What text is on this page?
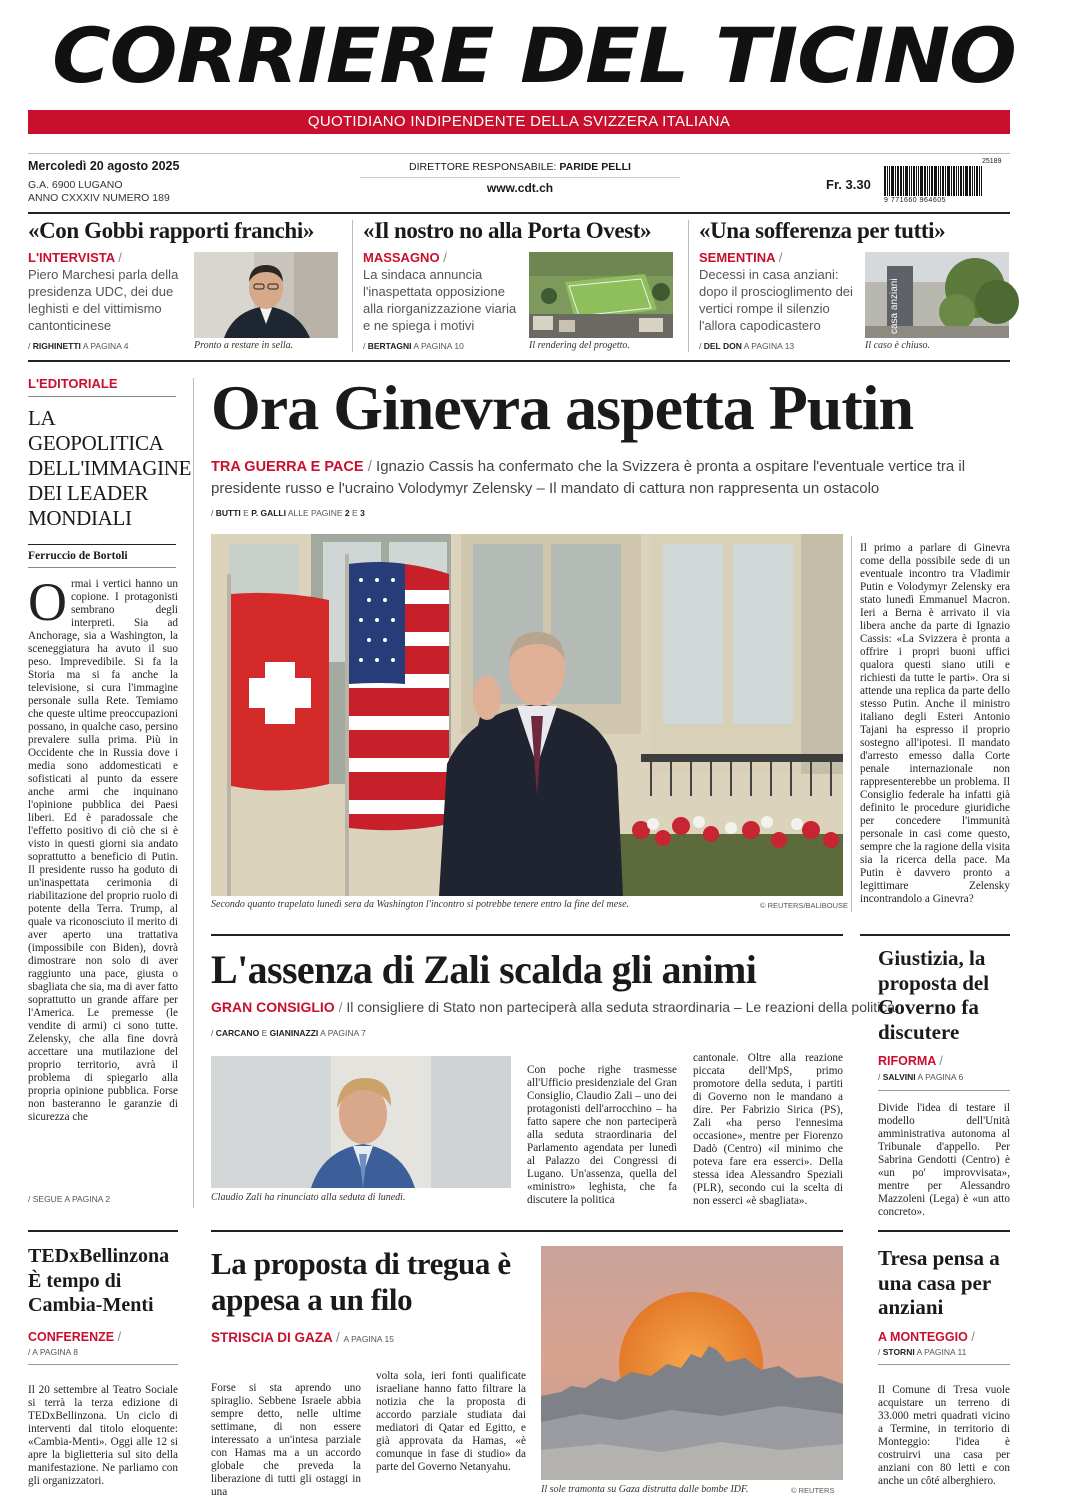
CORRIERE DEL TICINO
QUOTIDIANO INDIPENDENTE DELLA SVIZZERA ITALIANA
Mercoledì 20 agosto 2025
G.A. 6900 LUGANO
ANNO CXXXIV NUMERO 189
DIRETTORE RESPONSABILE: PARIDE PELLI
www.cdt.ch	Fr. 3.30
25189
9 771660 964605
«Con Gobbi rapporti franchi»
L'INTERVISTA /
Piero Marchesi parla della presidenza UDC, dei due leghisti e del vittimismo cantonticinese
/ RIGHINETTI A PAGINA 4	Pronto a restare in sella.
«Il nostro no alla Porta Ovest»
MASSAGNO /
La sindaca annuncia l'inaspettata opposizione alla riorganizzazione viaria e ne spiega i motivi
/ BERTAGNI A PAGINA 10	Il rendering del progetto.
«Una sofferenza per tutti»
SEMENTINA /
Decessi in casa anziani: dopo il proscioglimento dei vertici rompe il silenzio l'allora capodicastero	casa anziani
/ DEL DON A PAGINA 13	Il caso è chiuso.
L'EDITORIALE
LA GEOPOLITICA DELL'IMMAGINE DEI LEADER MONDIALI
Ferruccio de Bortoli
Ormai i vertici hanno un copione. I protagonisti sembrano degli interpreti. Sia ad Anchorage, sia a Washington, la sceneggiatura ha avuto il suo peso. Imprevedibile. Si fa la Storia ma si fa anche la televisione, si cura l'immagine personale sulla Rete. Temiamo che queste ultime preoccupazioni possano, in qualche caso, persino prevalere sulla prima. Più in Occidente che in Russia dove i media sono addomesticati e sofisticati al punto da essere anche armi che inquinano l'opinione pubblica dei Paesi liberi. Ed è paradossale che l'effetto positivo di ciò che si è visto in questi giorni sia andato soprattutto a beneficio di Putin. Il presidente russo ha goduto di un'inaspettata cerimonia di riabilitazione del proprio ruolo di potente della Terra. Trump, al quale va riconosciuto il merito di aver aperto una trattativa (impossibile con Biden), dovrà dimostrare non solo di aver raggiunto una pace, giusta o sbagliata che sia, ma di aver fatto soprattutto un grande affare per l'America. Le premesse (le vendite di armi) ci sono tutte. Zelensky, che alla fine dovrà accettare una mutilazione del proprio territorio, avrà il problema di spiegarlo alla propria opinione pubblica. Forse non basteranno le garanzie di sicurezza che
/ SEGUE A PAGINA 2
Ora Ginevra aspetta Putin
TRA GUERRA E PACE / Ignazio Cassis ha confermato che la Svizzera è pronta a ospitare l'eventuale vertice tra il presidente russo e l'ucraino Volodymyr Zelensky – Il mandato di cattura non rappresenta un ostacolo
/ BUTTI E P. GALLI ALLE PAGINE 2 E 3
Secondo quanto trapelato lunedì sera da Washington l'incontro si potrebbe tenere entro la fine del mese.	© REUTERS/BALIBOUSE
Il primo a parlare di Ginevra come della possibile sede di un eventuale incontro tra Vladimir Putin e Volodymyr Zelensky era stato lunedì Emmanuel Macron. Ieri a Berna è arrivato il via libera anche da parte di Ignazio Cassis: «La Svizzera è pronta a offrire i propri buoni uffici qualora questi siano utili e richiesti da tutte le parti». Ora si attende una replica da parte dello stesso Putin. Anche il ministro italiano degli Esteri Antonio Tajani ha espresso il proprio sostegno all'ipotesi. Il mandato d'arresto emesso dalla Corte penale internazionale non rappresenterebbe un problema. Il Consiglio federale ha infatti già definito le procedure giuridiche per concedere l'immunità personale in casi come questo, sempre che la ragione della visita sia la ricerca della pace. Ma Putin è davvero pronto a legittimare Zelensky incontrandolo a Ginevra?
L'assenza di Zali scalda gli animi
GRAN CONSIGLIO / Il consigliere di Stato non parteciperà alla seduta straordinaria – Le reazioni della politica
/ CARCANO E GIANINAZZI A PAGINA 7
Claudio Zali ha rinunciato alla seduta di lunedì.
Con poche righe trasmesse all'Ufficio presidenziale del Gran Consiglio, Claudio Zali – uno dei protagonisti dell'arrocchino – ha fatto sapere che non parteciperà alla seduta straordinaria del Parlamento agendata per lunedì al Palazzo dei Congressi di Lugano. Un'assenza, quella del «ministro» leghista, che fa discutere la politica
cantonale. Oltre alla reazione piccata dell'MpS, primo promotore della seduta, i partiti di Governo non le mandano a dire. Per Fabrizio Sirica (PS), Zali «ha perso l'ennesima occasione», mentre per Fiorenzo Dadò (Centro) «il minimo che poteva fare era esserci». Della stessa idea Alessandro Speziali (PLR), secondo cui la scelta di non esserci «è sbagliata».
Giustizia, la proposta del Governo fa discutere
RIFORMA /
/ SALVINI A PAGINA 6
Divide l'idea di testare il modello dell'Unità amministrativa autonoma al Tribunale d'appello. Per Sabrina Gendotti (Centro) è «un po' improvvisata», mentre per Alessandro Mazzoleni (Lega) è «un atto concreto».
TEDxBellinzona È tempo di Cambia-Menti
CONFERENZE /
/ A PAGINA 8
Il 20 settembre al Teatro Sociale si terrà la terza edizione di TEDxBellinzona. Un ciclo di interventi dal titolo eloquente: «Cambia-Menti». Oggi alle 12 si apre la biglietteria sul sito della manifestazione. Ne parliamo con gli organizzatori.
La proposta di tregua è appesa a un filo
STRISCIA DI GAZA / A PAGINA 15
Forse si sta aprendo uno spiraglio. Sebbene Israele abbia sempre detto, nelle ultime settimane, di non essere interessato a un'intesa parziale con Hamas ma a un accordo globale che preveda la liberazione di tutti gli ostaggi in una
volta sola, ieri fonti qualificate israeliane hanno fatto filtrare la notizia che la proposta di accordo parziale studiata dai mediatori di Qatar ed Egitto, e già approvata da Hamas, «è comunque in fase di studio» da parte del Governo Netanyahu.
Il sole tramonta su Gaza distrutta dalle bombe IDF.	© REUTERS
Tresa pensa a una casa per anziani
A MONTEGGIO /
/ STORNI A PAGINA 11
Il Comune di Tresa vuole acquistare un terreno di 33.000 metri quadrati vicino a Termine, in territorio di Monteggio: l'idea è costruirvi una casa per anziani con 80 letti e con anche un côté alberghiero.
